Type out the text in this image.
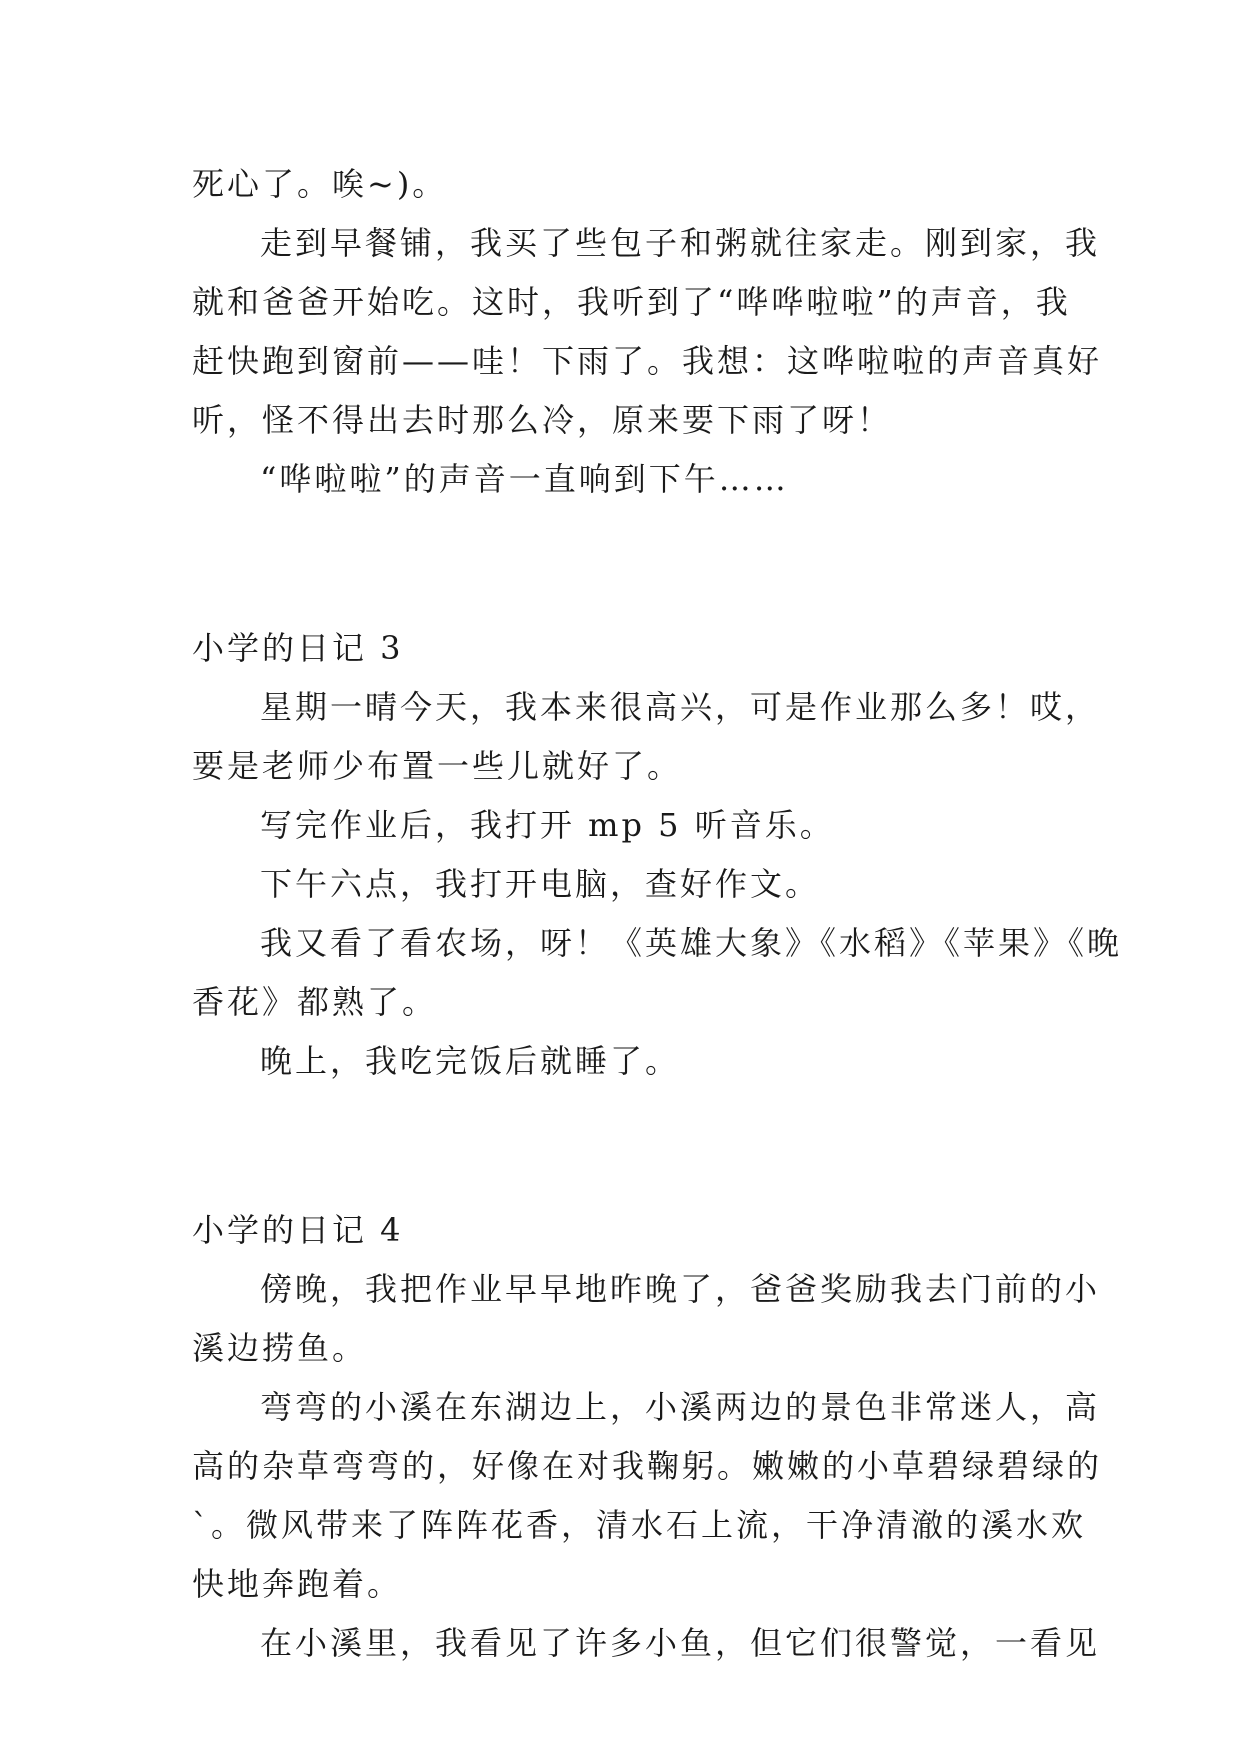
死心了。唉~)。
走到早餐铺，我买了些包子和粥就往家走。刚到家，我
就和爸爸开始吃。这时，我听到了“哗哗啦啦”的声音，我
赶快跑到窗前——哇！下雨了。我想：这哗啦啦的声音真好
听，怪不得出去时那么冷，原来要下雨了呀！
“哗啦啦”的声音一直响到下午……
小学的日记 3
星期一晴今天，我本来很高兴，可是作业那么多！哎，
要是老师少布置一些儿就好了。
写完作业后，我打开 mp 5 听音乐。
下午六点，我打开电脑，查好作文。
我又看了看农场，呀！《英雄大象》《水稻》《苹果》《晚
香花》都熟了。
晚上，我吃完饭后就睡了。
小学的日记 4
傍晚，我把作业早早地昨晚了，爸爸奖励我去门前的小
溪边捞鱼。
弯弯的小溪在东湖边上，小溪两边的景色非常迷人，高
高的杂草弯弯的，好像在对我鞠躬。嫩嫩的小草碧绿碧绿的
`。微风带来了阵阵花香，清水石上流，干净清澈的溪水欢
快地奔跑着。
在小溪里，我看见了许多小鱼，但它们很警觉，一看见
